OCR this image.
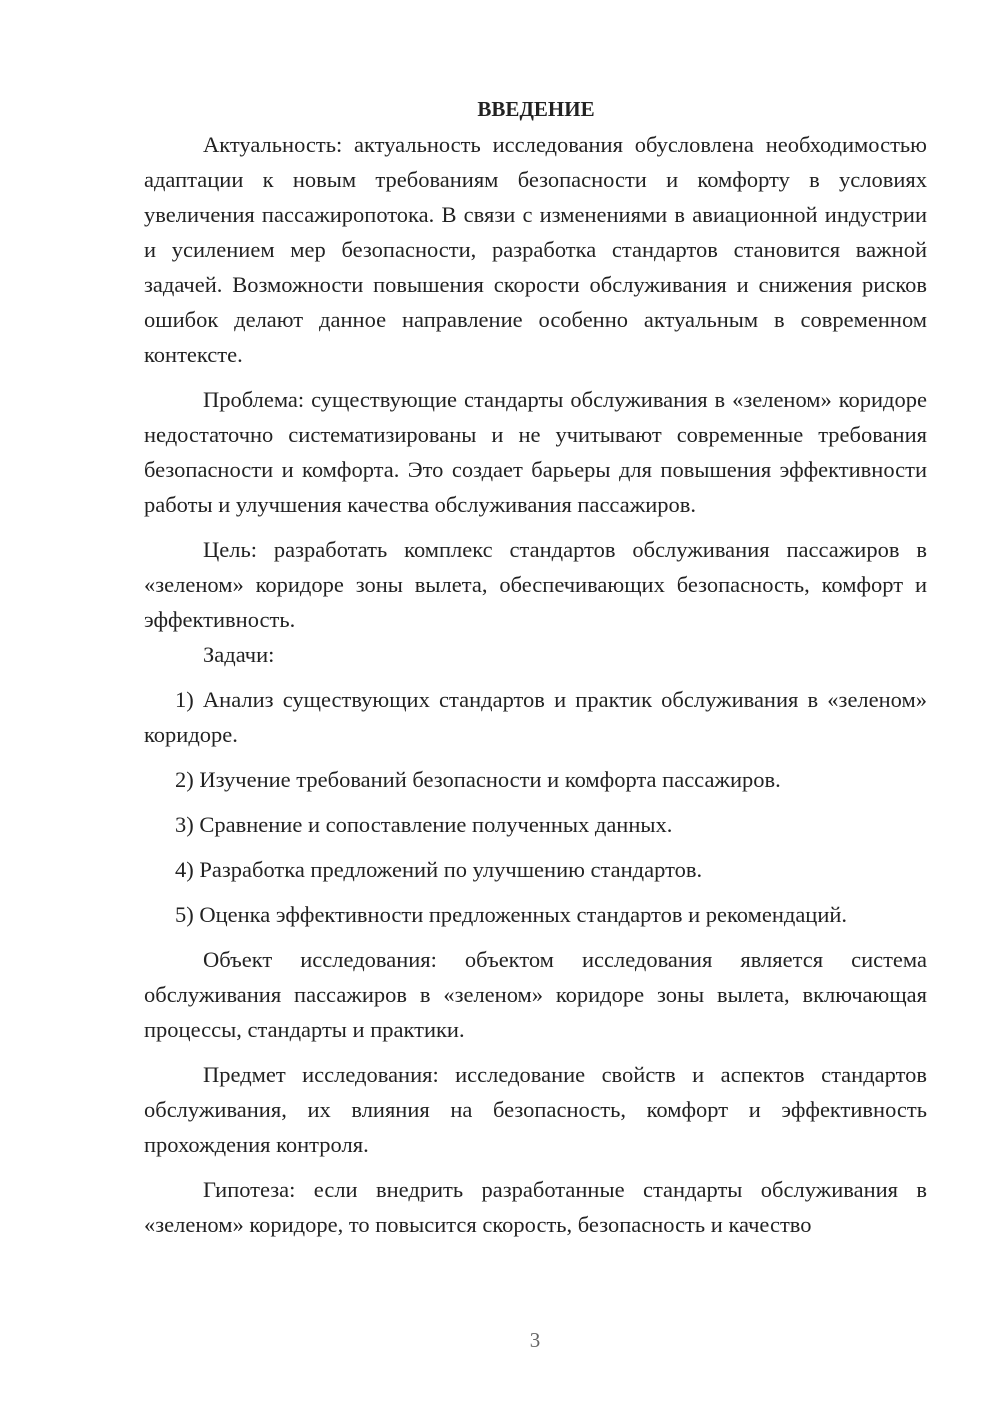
ВВЕДЕНИЕ

Актуальность: актуальность исследования обусловлена необходимостью адаптации к новым требованиям безопасности и комфорту в условиях увеличения пассажиропотока. В связи с изменениями в авиационной индустрии и усилением мер безопасности, разработка стандартов становится важной задачей. Возможности повышения скорости обслуживания и снижения рисков ошибок делают данное направление особенно актуальным в современном контексте.

Проблема: существующие стандарты обслуживания в «зеленом» коридоре недостаточно систематизированы и не учитывают современные требования безопасности и комфорта. Это создает барьеры для повышения эффективности работы и улучшения качества обслуживания пассажиров.

Цель: разработать комплекс стандартов обслуживания пассажиров в «зеленом» коридоре зоны вылета, обеспечивающих безопасность, комфорт и эффективность.

Задачи:

1) Анализ существующих стандартов и практик обслуживания в «зеленом» коридоре.

2) Изучение требований безопасности и комфорта пассажиров.

3) Сравнение и сопоставление полученных данных.

4) Разработка предложений по улучшению стандартов.

5) Оценка эффективности предложенных стандартов и рекомендаций.

Объект исследования: объектом исследования является система обслуживания пассажиров в «зеленом» коридоре зоны вылета, включающая процессы, стандарты и практики.

Предмет исследования: исследование свойств и аспектов стандартов обслуживания, их влияния на безопасность, комфорт и эффективность прохождения контроля.

Гипотеза: если внедрить разработанные стандарты обслуживания в «зеленом» коридоре, то повысится скорость, безопасность и качество

3
